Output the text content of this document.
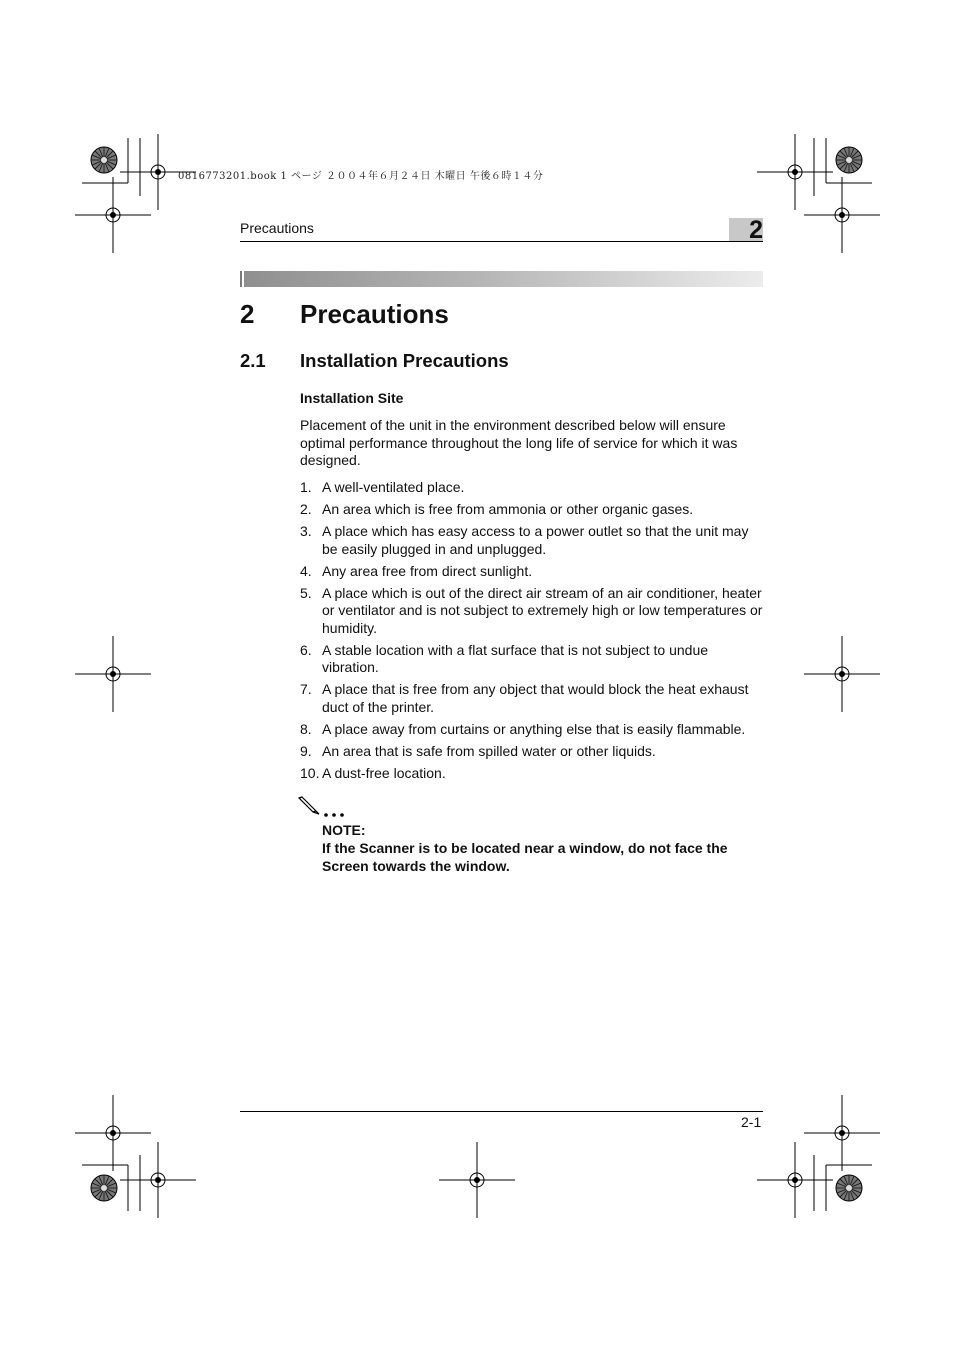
0816773201.book 1 ページ ２００４年６月２４日 木曜日 午後６時１４分
Precautions	2
2 Precautions
2.1 Installation Precautions
Installation Site
Placement of the unit in the environment described below will ensure optimal performance throughout the long life of service for which it was designed.
1. A well-ventilated place.
2. An area which is free from ammonia or other organic gases.
3. A place which has easy access to a power outlet so that the unit may be easily plugged in and unplugged.
4. Any area free from direct sunlight.
5. A place which is out of the direct air stream of an air conditioner, heater or ventilator and is not subject to extremely high or low temperatures or humidity.
6. A stable location with a flat surface that is not subject to undue vibration.
7. A place that is free from any object that would block the heat exhaust duct of the printer.
8. A place away from curtains or anything else that is easily flammable.
9. An area that is safe from spilled water or other liquids.
10. A dust-free location.
NOTE:
If the Scanner is to be located near a window, do not face the Screen towards the window.
2-1
